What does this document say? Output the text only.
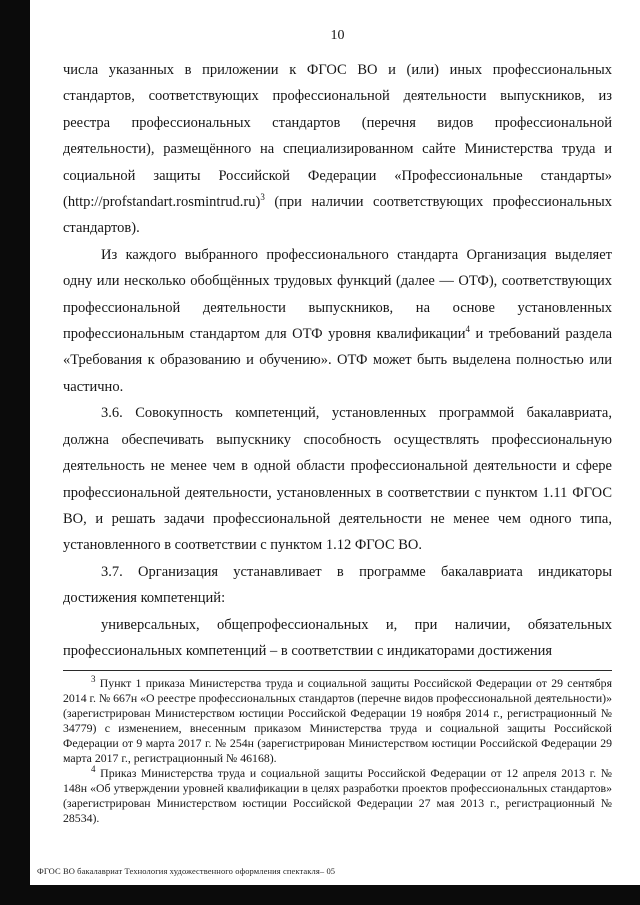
10

числа указанных в приложении к ФГОС ВО и (или) иных профессиональных стандартов, соответствующих профессиональной деятельности выпускников, из реестра профессиональных стандартов (перечня видов профессиональной деятельности), размещённого на специализированном сайте Министерства труда и социальной защиты Российской Федерации «Профессиональные стандарты» (http://profstandart.rosmintrud.ru)$^3$ (при наличии соответствующих профессиональных стандартов).

Из каждого выбранного профессионального стандарта Организация выделяет одну или несколько обобщённых трудовых функций (далее — ОТФ), соответствующих профессиональной деятельности выпускников, на основе установленных профессиональным стандартом для ОТФ уровня квалификации$^4$ и требований раздела «Требования к образованию и обучению». ОТФ может быть выделена полностью или частично.

3.6. Совокупность компетенций, установленных программой бакалавриата, должна обеспечивать выпускнику способность осуществлять профессиональную деятельность не менее чем в одной области профессиональной деятельности и сфере профессиональной деятельности, установленных в соответствии с пунктом 1.11 ФГОС ВО, и решать задачи профессиональной деятельности не менее чем одного типа, установленного в соответствии с пунктом 1.12 ФГОС ВО.

3.7. Организация устанавливает в программе бакалавриата индикаторы достижения компетенций:

универсальных, общепрофессиональных и, при наличии, обязательных профессиональных компетенций – в соответствии с индикаторами достижения

$^3$ Пункт 1 приказа Министерства труда и социальной защиты Российской Федерации от 29 сентября 2014 г. № 667н «О реестре профессиональных стандартов (перечне видов профессиональной деятельности)» (зарегистрирован Министерством юстиции Российской Федерации 19 ноября 2014 г., регистрационный № 34779) с изменением, внесенным приказом Министерства труда и социальной защиты Российской Федерации от 9 марта 2017 г. № 254н (зарегистрирован Министерством юстиции Российской Федерации 29 марта 2017 г., регистрационный № 46168).

$^4$ Приказ Министерства труда и социальной защиты Российской Федерации от 12 апреля 2013 г. № 148н «Об утверждении уровней квалификации в целях разработки проектов профессиональных стандартов» (зарегистрирован Министерством юстиции Российской Федерации 27 мая 2013 г., регистрационный № 28534).

ФГОС ВО бакалавриат Технология художественного оформления спектакля– 05
